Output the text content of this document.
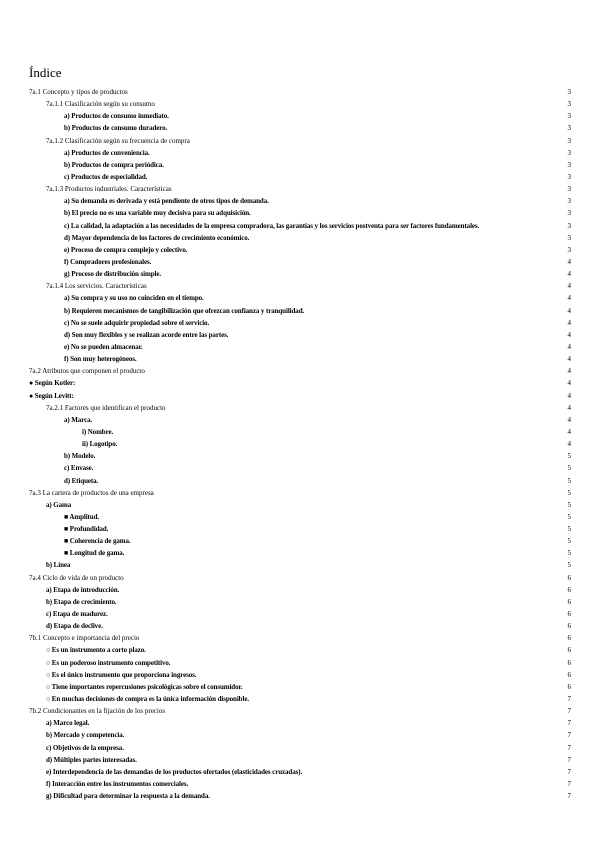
Índice
7a.1 Concepto y tipos de productos	3
7a.1.1 Clasificación según su consumo	3
a) Productos de consumo inmediato.	3
b) Productos de consumo duradero.	3
7a.1.2 Clasificación según su frecuencia de compra	3
a) Productos de conveniencia.	3
b) Productos de compra periódica.	3
c) Productos de especialidad.	3
7a.1.3 Productos industriales. Características	3
a) Su demanda es derivada y está pendiente de otros tipos de demanda.	3
b) El precio no es una variable muy decisiva para su adquisición.	3
c) La calidad, la adaptación a las necesidades de la empresa compradora, las garantías y los servicios postventa para ser factores fundamentales.	3
d) Mayor dependencia de los factores de crecimiento económico.	3
e) Proceso de compra complejo y colectivo.	3
f) Compradores profesionales.	4
g) Proceso de distribución simple.	4
7a.1.4 Los servicios. Características	4
a) Su compra y su uso no coinciden en el tiempo.	4
b) Requieren mecanismos de tangibilización que ofrezcan confianza y tranquilidad.	4
c) No se suele adquirir propiedad sobre el servicio.	4
d) Son muy flexibles y se realizan acorde entre las partes.	4
e) No se pueden almacenar.	4
f) Son muy heterogéneos.	4
7a.2 Atributos que componen el producto	4
● Según Kotler:	4
● Según Levitt:	4
7a.2.1 Factores que identifican el producto	4
a) Marca.	4
i) Nombre.	4
ii) Logotipo.	4
b) Modelo.	5
c) Envase.	5
d) Etiqueta.	5
7a.3 La cartera de productos de una empresa	5
a) Gama	5
■ Amplitud.	5
■ Profundidad.	5
■ Coherencia de gama.	5
■ Longitud de gama.	5
b) Línea	5
7a.4 Ciclo de vida de un producto	6
a) Etapa de introducción.	6
b) Etapa de crecimiento.	6
c) Etapa de madurez.	6
d) Etapa de declive.	6
7b.1 Concepto e importancia del precio	6
○ Es un instrumento a corto plazo.	6
○ Es un poderoso instrumento competitivo.	6
○ Es el único instrumento que proporciona ingresos.	6
○ Tiene importantes repercusiones psicológicas sobre el consumidor.	6
○ En muchas decisiones de compra es la única información disponible.	7
7b.2 Condicionantes en la fijación de los precios	7
a) Marco legal.	7
b) Mercado y competencia.	7
c) Objetivos de la empresa.	7
d) Múltiples partes interesadas.	7
e) Interdependencia de las demandas de los productos ofertados (elasticidades cruzadas).	7
f) Interacción entre los instrumentos comerciales.	7
g) Dificultad para determinar la respuesta a la demanda.	7
